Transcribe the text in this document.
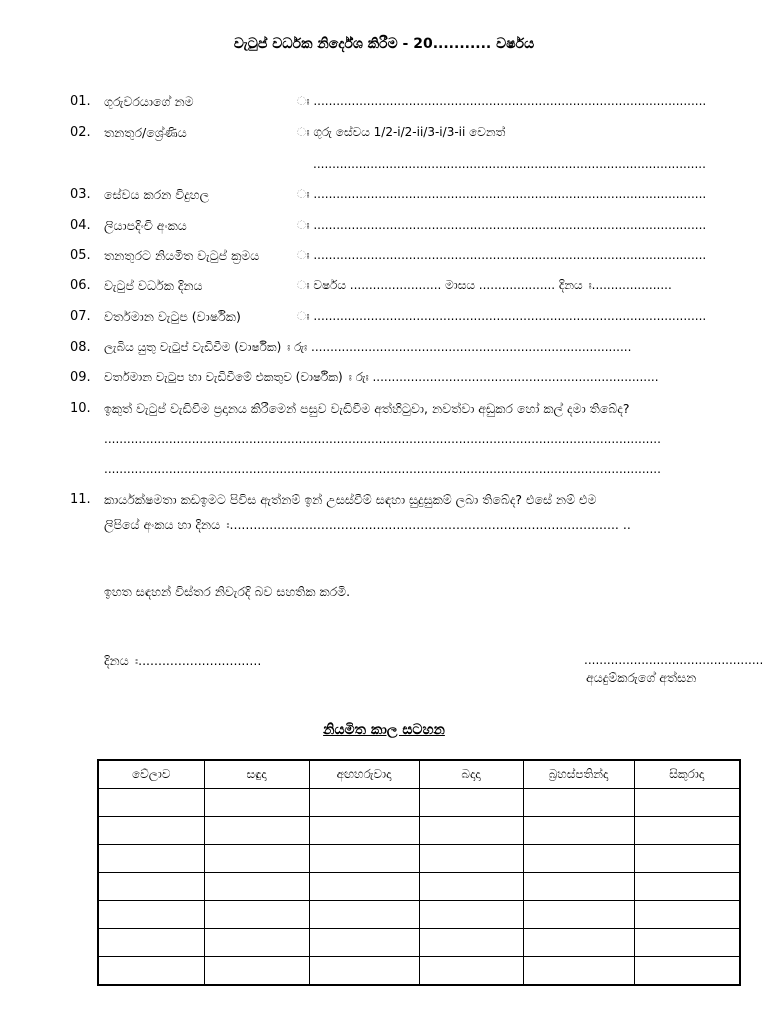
වැටුප් වර්ධක නිර්දේශ කිරීම - 20........... වර්ෂය
01. ගුරුවරයාගේ නම	ඃ .......................................................................................................
02. තනතුර/ශ්‍රේණිය	ඃ ගුරු සේවය 1/2-i/2-ii/3-i/3-ii වෙනත්
.......................................................................................................
03. සේවය කරන විදුහල	ඃ .......................................................................................................
04. ලියාපදිංචි අංකය	ඃ .......................................................................................................
05. තනතුරට නියමිත වැටුප් ක්‍රමය	ඃ .......................................................................................................
06. වැටුප් වර්ධක දිනය	ඃ වර්ෂය ........................ මාසය .................... දිනය ඃ.....................
07. වර්තමාන වැටුප (වාර්ෂික)	ඃ .......................................................................................................
08. ලැබිය යුතු වැටුප් වැඩිවීම (වාර්ෂික) ඃ රුඃ ....................................................................................
09. වර්තමාන වැටුප හා වැඩිවීමේ එකතුව (වාර්ෂික) ඃ රුඃ ...........................................................................
10. ඉකුත් වැටුප් වැඩිවීම ප්‍රදානය කිරීමෙන් පසුව වැඩිවීම අත්හිටුවා, නවත්වා අඩුකර හෝ කල් දමා තිබේද?
..................................................................................................................................................
..................................................................................................................................................
11. කාර්යක්ෂමතා කඩඉමට පිවිස ඇත්නම් ඉන් උසස්වීම් සඳහා සුදුසුකම් ලබා තිබේද? එසේ නම් එම
ලිපියේ අංකය හා දිනය ඃ.................................................................................................. ..
ඉහත සඳහන් විස්තර නිවැරදි බව සහතික කරමි.
දිනය ඃ...............................	...............................................
අයදුම්කරුගේ අත්සන
නියමිත කාල සටහන
වේලාව	සඳුදා	අඟහරුවාදා	බදාදා	බ්‍රහස්පතින්දා	සිකුරාදා
